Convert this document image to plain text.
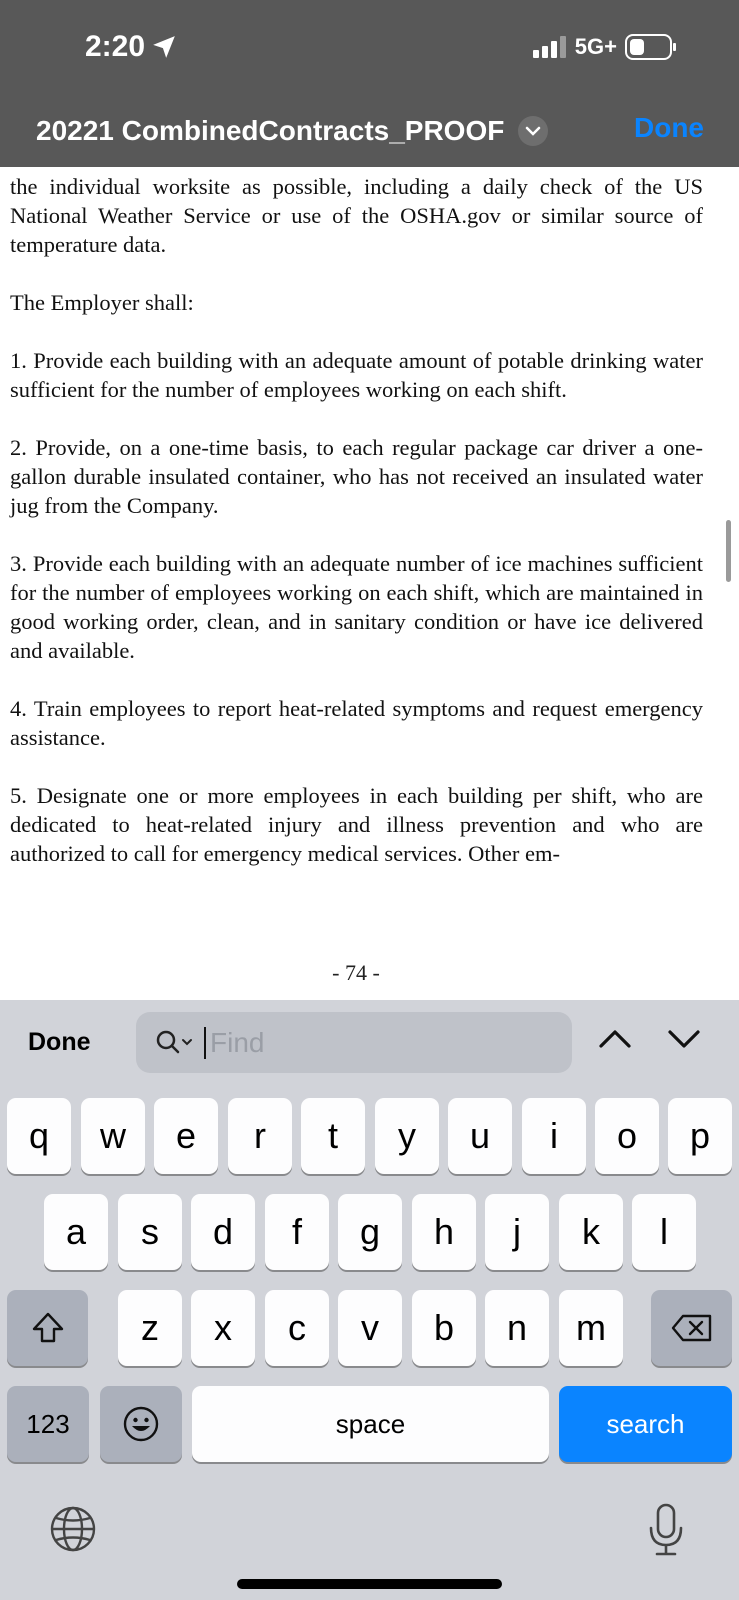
2:20	5G+
20221 CombinedContracts_PROOF	Done

the individual worksite as possible, including a daily check of the US National Weather Service or use of the OSHA.gov or similar source of temperature data.

The Employer shall:

1. Provide each building with an adequate amount of potable drinking water sufficient for the number of employees working on each shift.

2. Provide, on a one-time basis, to each regular package car driver a one-gallon durable insulated container, who has not received an insulated water jug from the Company.

3. Provide each building with an adequate number of ice machines sufficient for the number of employees working on each shift, which are maintained in good working order, clean, and in sanitary condition or have ice delivered and available.

4. Train employees to report heat-related symptoms and request emergency assistance.

5. Designate one or more employees in each building per shift, who are dedicated to heat-related injury and illness prevention and who are authorized to call for emergency medical services. Other em-

- 74 -
Done
Find
q	w	e	r	t	y	u	i	o	p
a	s	d	f	g	h	j	k	l
z	x	c	v	b	n	m
123	space	search
